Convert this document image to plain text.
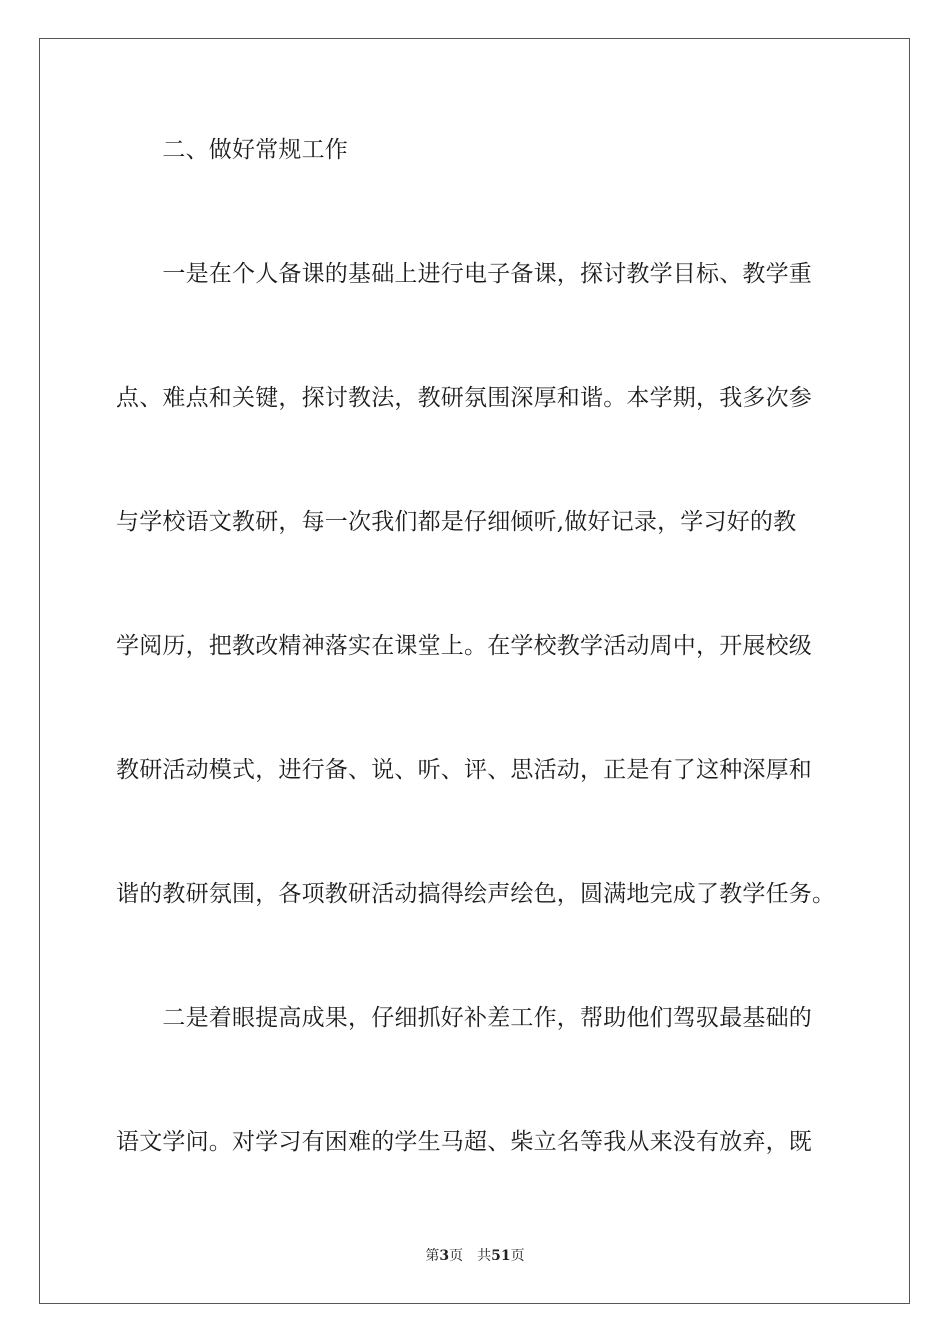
　　二、做好常规工作
　　一是在个人备课的基础上进行电子备课，探讨教学目标、教学重
点、难点和关键，探讨教法，教研氛围深厚和谐。本学期，我多次参
与学校语文教研，每一次我们都是仔细倾听,做好记录，学习好的教
学阅历，把教改精神落实在课堂上。在学校教学活动周中，开展校级
教研活动模式，进行备、说、听、评、思活动，正是有了这种深厚和
谐的教研氛围，各项教研活动搞得绘声绘色，圆满地完成了教学任务。
　　二是着眼提高成果，仔细抓好补差工作，帮助他们驾驭最基础的
语文学问。对学习有困难的学生马超、柴立名等我从来没有放弃，既
第3页 共51页
